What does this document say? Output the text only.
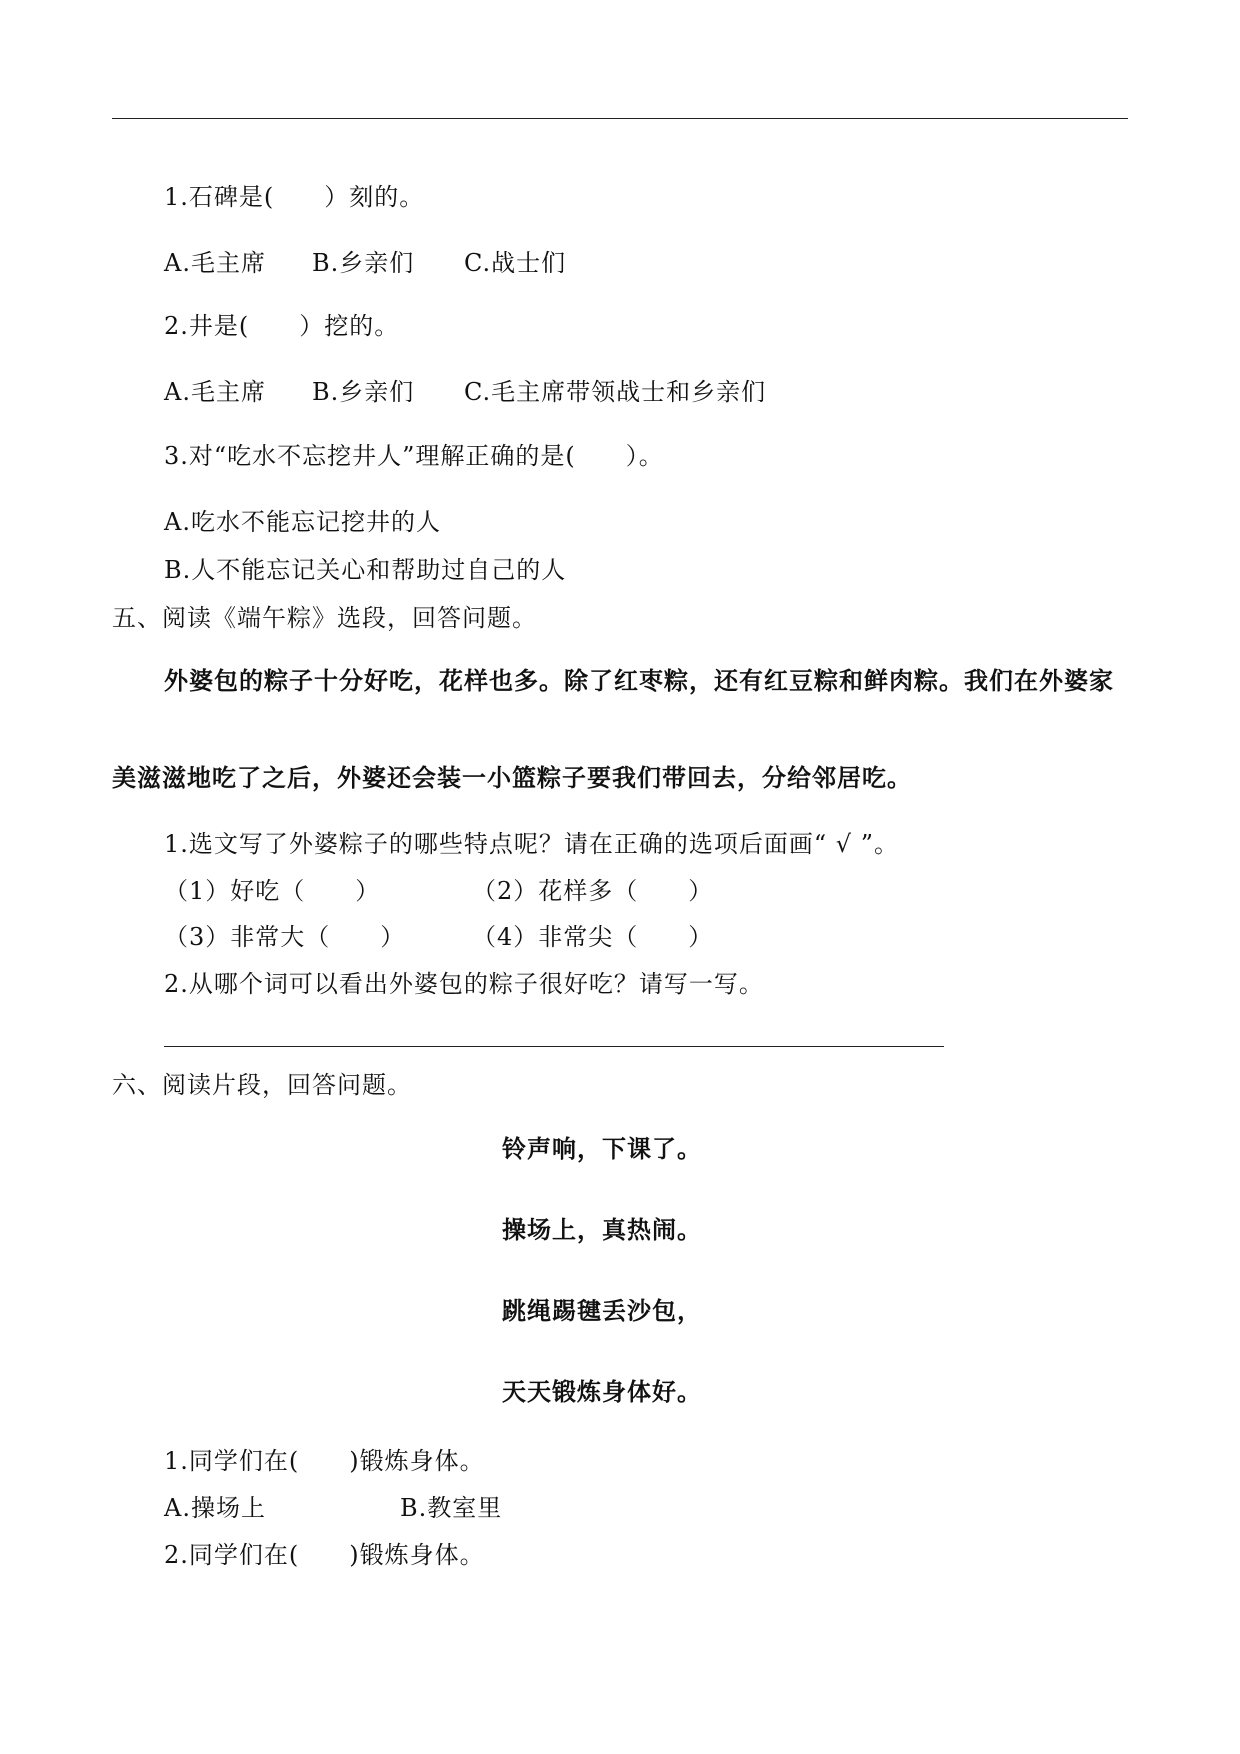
1.石碑是(　　）刻的。
A.毛主席 B.乡亲们 C.战士们
2.井是(　　）挖的。
A.毛主席 B.乡亲们 C.毛主席带领战士和乡亲们
3.对“吃水不忘挖井人”理解正确的是(　　）。
A.吃水不能忘记挖井的人
B.人不能忘记关心和帮助过自己的人
五、阅读《端午粽》选段，回答问题。
外婆包的粽子十分好吃，花样也多。除了红枣粽，还有红豆粽和鲜肉粽。我们在外婆家
美滋滋地吃了之后，外婆还会装一小篮粽子要我们带回去，分给邻居吃。
1.选文写了外婆粽子的哪些特点呢？请在正确的选项后面画“ √ ”。
（1）好吃（　　）	（2）花样多（　　）
（3）非常大（　　）	（4）非常尖（　　）
2.从哪个词可以看出外婆包的粽子很好吃？请写一写。
六、阅读片段，回答问题。
铃声响，下课了。
操场上，真热闹。
跳绳踢毽丢沙包，
天天锻炼身体好。
1.同学们在(　　)锻炼身体。
A.操场上	B.教室里
2.同学们在(　　)锻炼身体。
